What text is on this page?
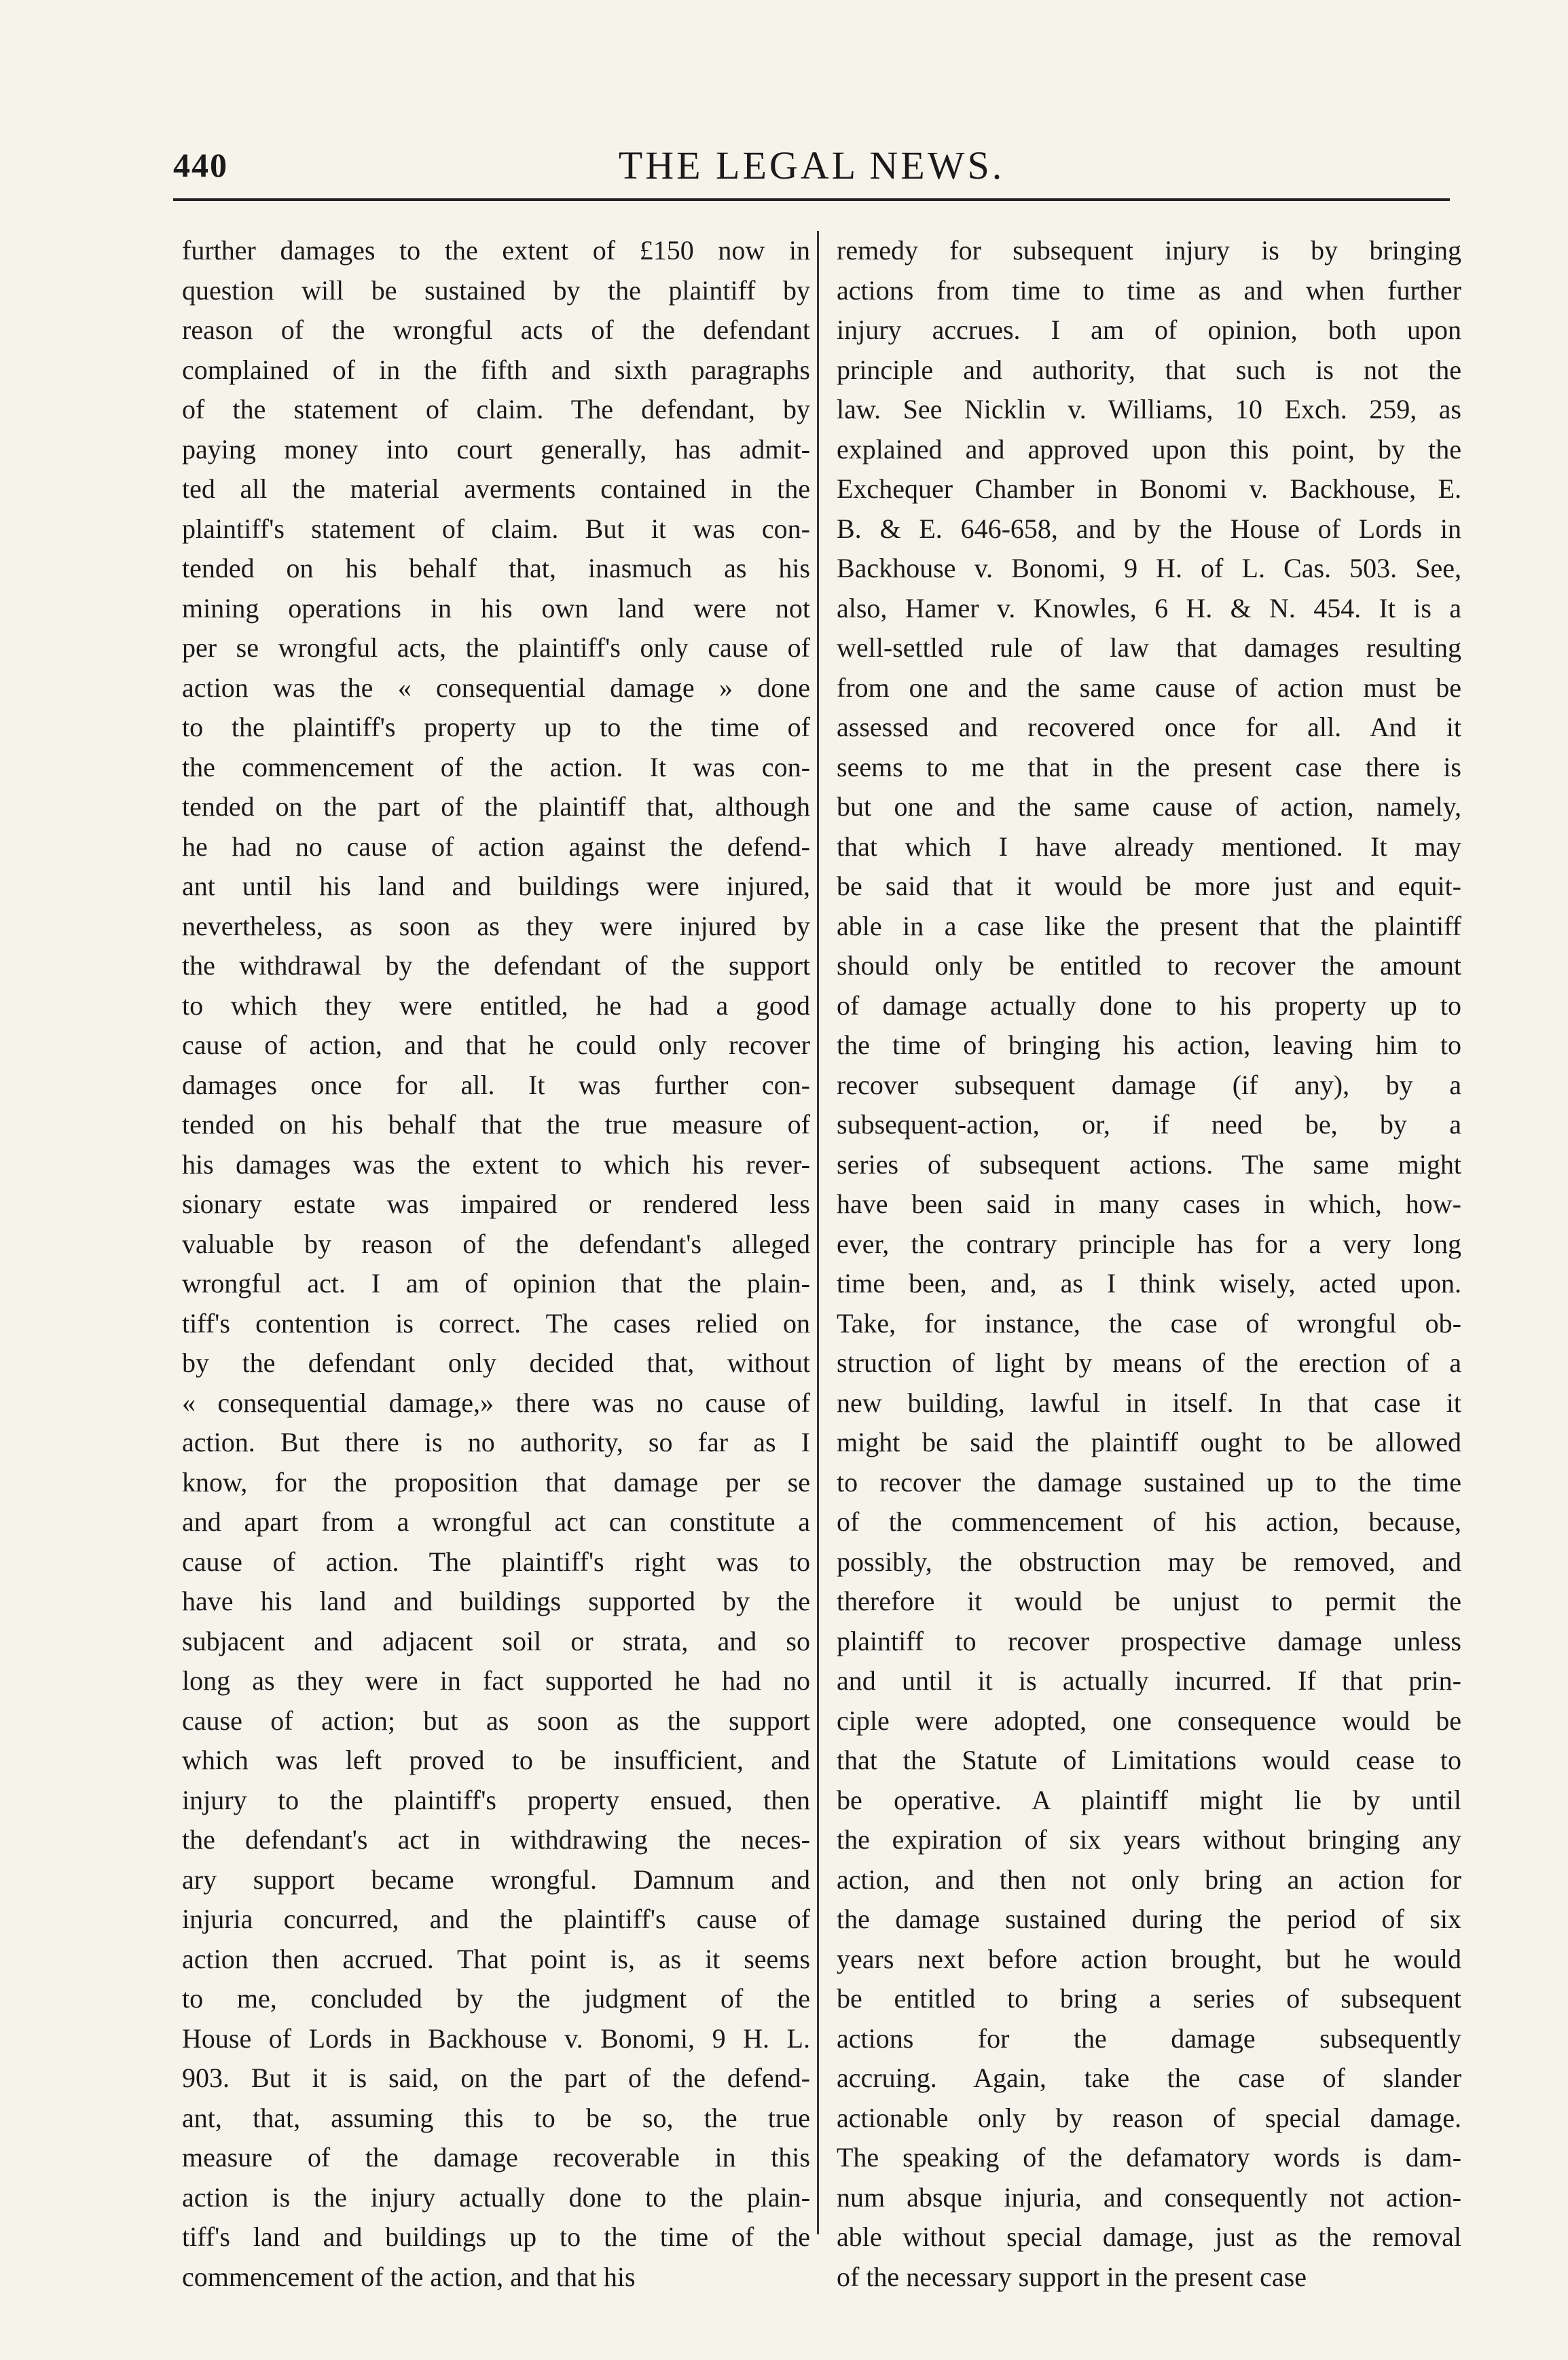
440	THE LEGAL NEWS.
further damages to the extent of £150 now in
question will be sustained by the plaintiff by
reason of the wrongful acts of the defendant
complained of in the fifth and sixth paragraphs
of the statement of claim. The defendant, by
paying money into court generally, has admit-
ted all the material averments contained in the
plaintiff's statement of claim. But it was con-
tended on his behalf that, inasmuch as his
mining operations in his own land were not
per se wrongful acts, the plaintiff's only cause of
action was the « consequential damage » done
to the plaintiff's property up to the time of
the commencement of the action. It was con-
tended on the part of the plaintiff that, although
he had no cause of action against the defend-
ant until his land and buildings were injured,
nevertheless, as soon as they were injured by
the withdrawal by the defendant of the support
to which they were entitled, he had a good
cause of action, and that he could only recover
damages once for all. It was further con-
tended on his behalf that the true measure of
his damages was the extent to which his rever-
sionary estate was impaired or rendered less
valuable by reason of the defendant's alleged
wrongful act. I am of opinion that the plain-
tiff's contention is correct. The cases relied on
by the defendant only decided that, without
« consequential damage,» there was no cause of
action. But there is no authority, so far as I
know, for the proposition that damage per se
and apart from a wrongful act can constitute a
cause of action. The plaintiff's right was to
have his land and buildings supported by the
subjacent and adjacent soil or strata, and so
long as they were in fact supported he had no
cause of action; but as soon as the support
which was left proved to be insufficient, and
injury to the plaintiff's property ensued, then
the defendant's act in withdrawing the neces-
ary support became wrongful. Damnum and
injuria concurred, and the plaintiff's cause of
action then accrued. That point is, as it seems
to me, concluded by the judgment of the
House of Lords in Backhouse v. Bonomi, 9 H. L.
903. But it is said, on the part of the defend-
ant, that, assuming this to be so, the true
measure of the damage recoverable in this
action is the injury actually done to the plain-
tiff's land and buildings up to the time of the
commencement of the action, and that his
remedy for subsequent injury is by bringing
actions from time to time as and when further
injury accrues. I am of opinion, both upon
principle and authority, that such is not the
law. See Nicklin v. Williams, 10 Exch. 259, as
explained and approved upon this point, by the
Exchequer Chamber in Bonomi v. Backhouse, E.
B. & E. 646-658, and by the House of Lords in
Backhouse v. Bonomi, 9 H. of L. Cas. 503. See,
also, Hamer v. Knowles, 6 H. & N. 454. It is a
well-settled rule of law that damages resulting
from one and the same cause of action must be
assessed and recovered once for all. And it
seems to me that in the present case there is
but one and the same cause of action, namely,
that which I have already mentioned. It may
be said that it would be more just and equit-
able in a case like the present that the plaintiff
should only be entitled to recover the amount
of damage actually done to his property up to
the time of bringing his action, leaving him to
recover subsequent damage (if any), by a
subsequent-action, or, if need be, by a
series of subsequent actions. The same might
have been said in many cases in which, how-
ever, the contrary principle has for a very long
time been, and, as I think wisely, acted upon.
Take, for instance, the case of wrongful ob-
struction of light by means of the erection of a
new building, lawful in itself. In that case it
might be said the plaintiff ought to be allowed
to recover the damage sustained up to the time
of the commencement of his action, because,
possibly, the obstruction may be removed, and
therefore it would be unjust to permit the
plaintiff to recover prospective damage unless
and until it is actually incurred. If that prin-
ciple were adopted, one consequence would be
that the Statute of Limitations would cease to
be operative. A plaintiff might lie by until
the expiration of six years without bringing any
action, and then not only bring an action for
the damage sustained during the period of six
years next before action brought, but he would
be entitled to bring a series of subsequent
actions for the damage subsequently
accruing. Again, take the case of slander
actionable only by reason of special damage.
The speaking of the defamatory words is dam-
num absque injuria, and consequently not action-
able without special damage, just as the removal
of the necessary support in the present case
